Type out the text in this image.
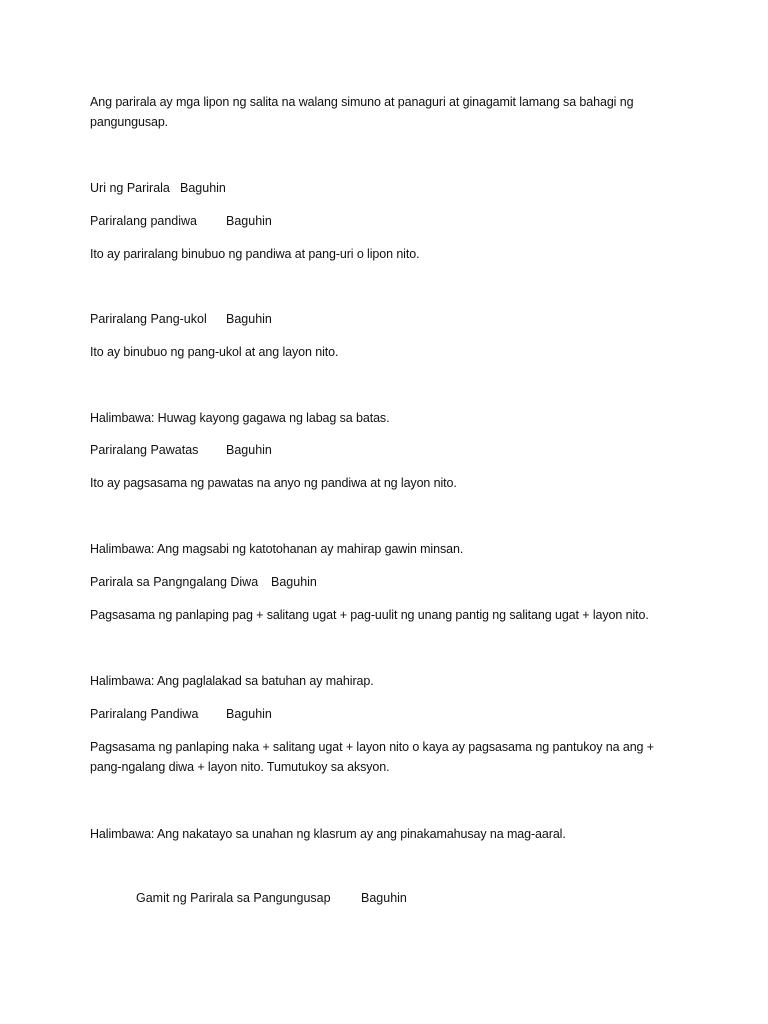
Ang parirala ay mga lipon ng salita na walang simuno at panaguri at ginagamit lamang sa bahagi ng pangungusap.
Uri ng Parirala Baguhin
Pariralang pandiwa Baguhin
Ito ay pariralang binubuo ng pandiwa at pang-uri o lipon nito.
Pariralang Pang-ukol Baguhin
Ito ay binubuo ng pang-ukol at ang layon nito.
Halimbawa: Huwag kayong gagawa ng labag sa batas.
Pariralang Pawatas Baguhin
Ito ay pagsasama ng pawatas na anyo ng pandiwa at ng layon nito.
Halimbawa: Ang magsabi ng katotohanan ay mahirap gawin minsan.
Parirala sa Pangngalang Diwa Baguhin
Pagsasama ng panlaping pag + salitang ugat + pag-uulit ng unang pantig ng salitang ugat + layon nito.
Halimbawa: Ang paglalakad sa batuhan ay mahirap.
Pariralang Pandiwa Baguhin
Pagsasama ng panlaping naka + salitang ugat + layon nito o kaya ay pagsasama ng pantukoy na ang + pang-ngalang diwa + layon nito. Tumutukoy sa aksyon.
Halimbawa: Ang nakatayo sa unahan ng klasrum ay ang pinakamahusay na mag-aaral.
Gamit ng Parirala sa Pangungusap Baguhin
